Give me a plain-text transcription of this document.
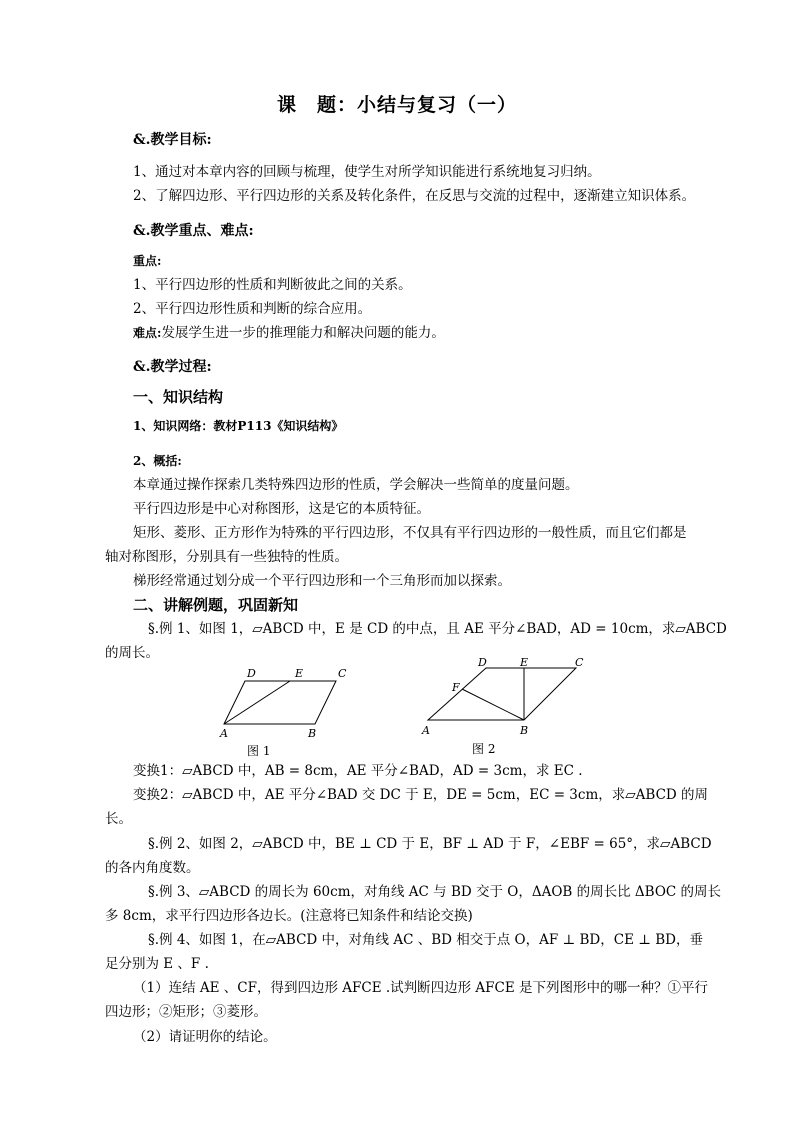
课　题：小结与复习（一）
&.教学目标:
1、通过对本章内容的回顾与梳理，使学生对所学知识能进行系统地复习归纳。
2、了解四边形、平行四边形的关系及转化条件，在反思与交流的过程中，逐渐建立知识体系。
&.教学重点、难点:
重点:
1、平行四边形的性质和判断彼此之间的关系。
2、平行四边形性质和判断的综合应用。
难点:发展学生进一步的推理能力和解决问题的能力。
&.教学过程:
一、知识结构
1、知识网络：教材P113《知识结构》
2、概括:
本章通过操作探索几类特殊四边形的性质，学会解决一些简单的度量问题。
平行四边形是中心对称图形，这是它的本质特征。
矩形、菱形、正方形作为特殊的平行四边形，不仅具有平行四边形的一般性质，而且它们都是
轴对称图形，分别具有一些独特的性质。
梯形经常通过划分成一个平行四边形和一个三角形而加以探索。
二、讲解例题，巩固新知
§.例 1、如图 1，▱ABCD 中，E 是 CD 的中点，且 AE 平分∠BAD，AD = 10cm，求▱ABCD
的周长。
D	E	C
A	B
图 1
D	E	C
F
A	B
图 2
变换1：▱ABCD 中，AB = 8cm，AE 平分∠BAD，AD = 3cm，求 EC .
变换2：▱ABCD 中，AE 平分∠BAD 交 DC 于 E，DE = 5cm，EC = 3cm，求▱ABCD 的周
长。
§.例 2、如图 2，▱ABCD 中，BE ⊥ CD 于 E，BF ⊥ AD 于 F，∠EBF = 65°，求▱ABCD
的各内角度数。
§.例 3、▱ABCD 的周长为 60cm，对角线 AC 与 BD 交于 O，ΔAOB 的周长比 ΔBOC 的周长
多 8cm，求平行四边形各边长。(注意将已知条件和结论交换)
§.例 4、如图 1，在▱ABCD 中，对角线 AC 、BD 相交于点 O，AF ⊥ BD，CE ⊥ BD，垂
足分别为 E 、F .
（1）连结 AE 、CF，得到四边形 AFCE .试判断四边形 AFCE 是下列图形中的哪一种？①平行
四边形；②矩形；③菱形。
（2）请证明你的结论。
